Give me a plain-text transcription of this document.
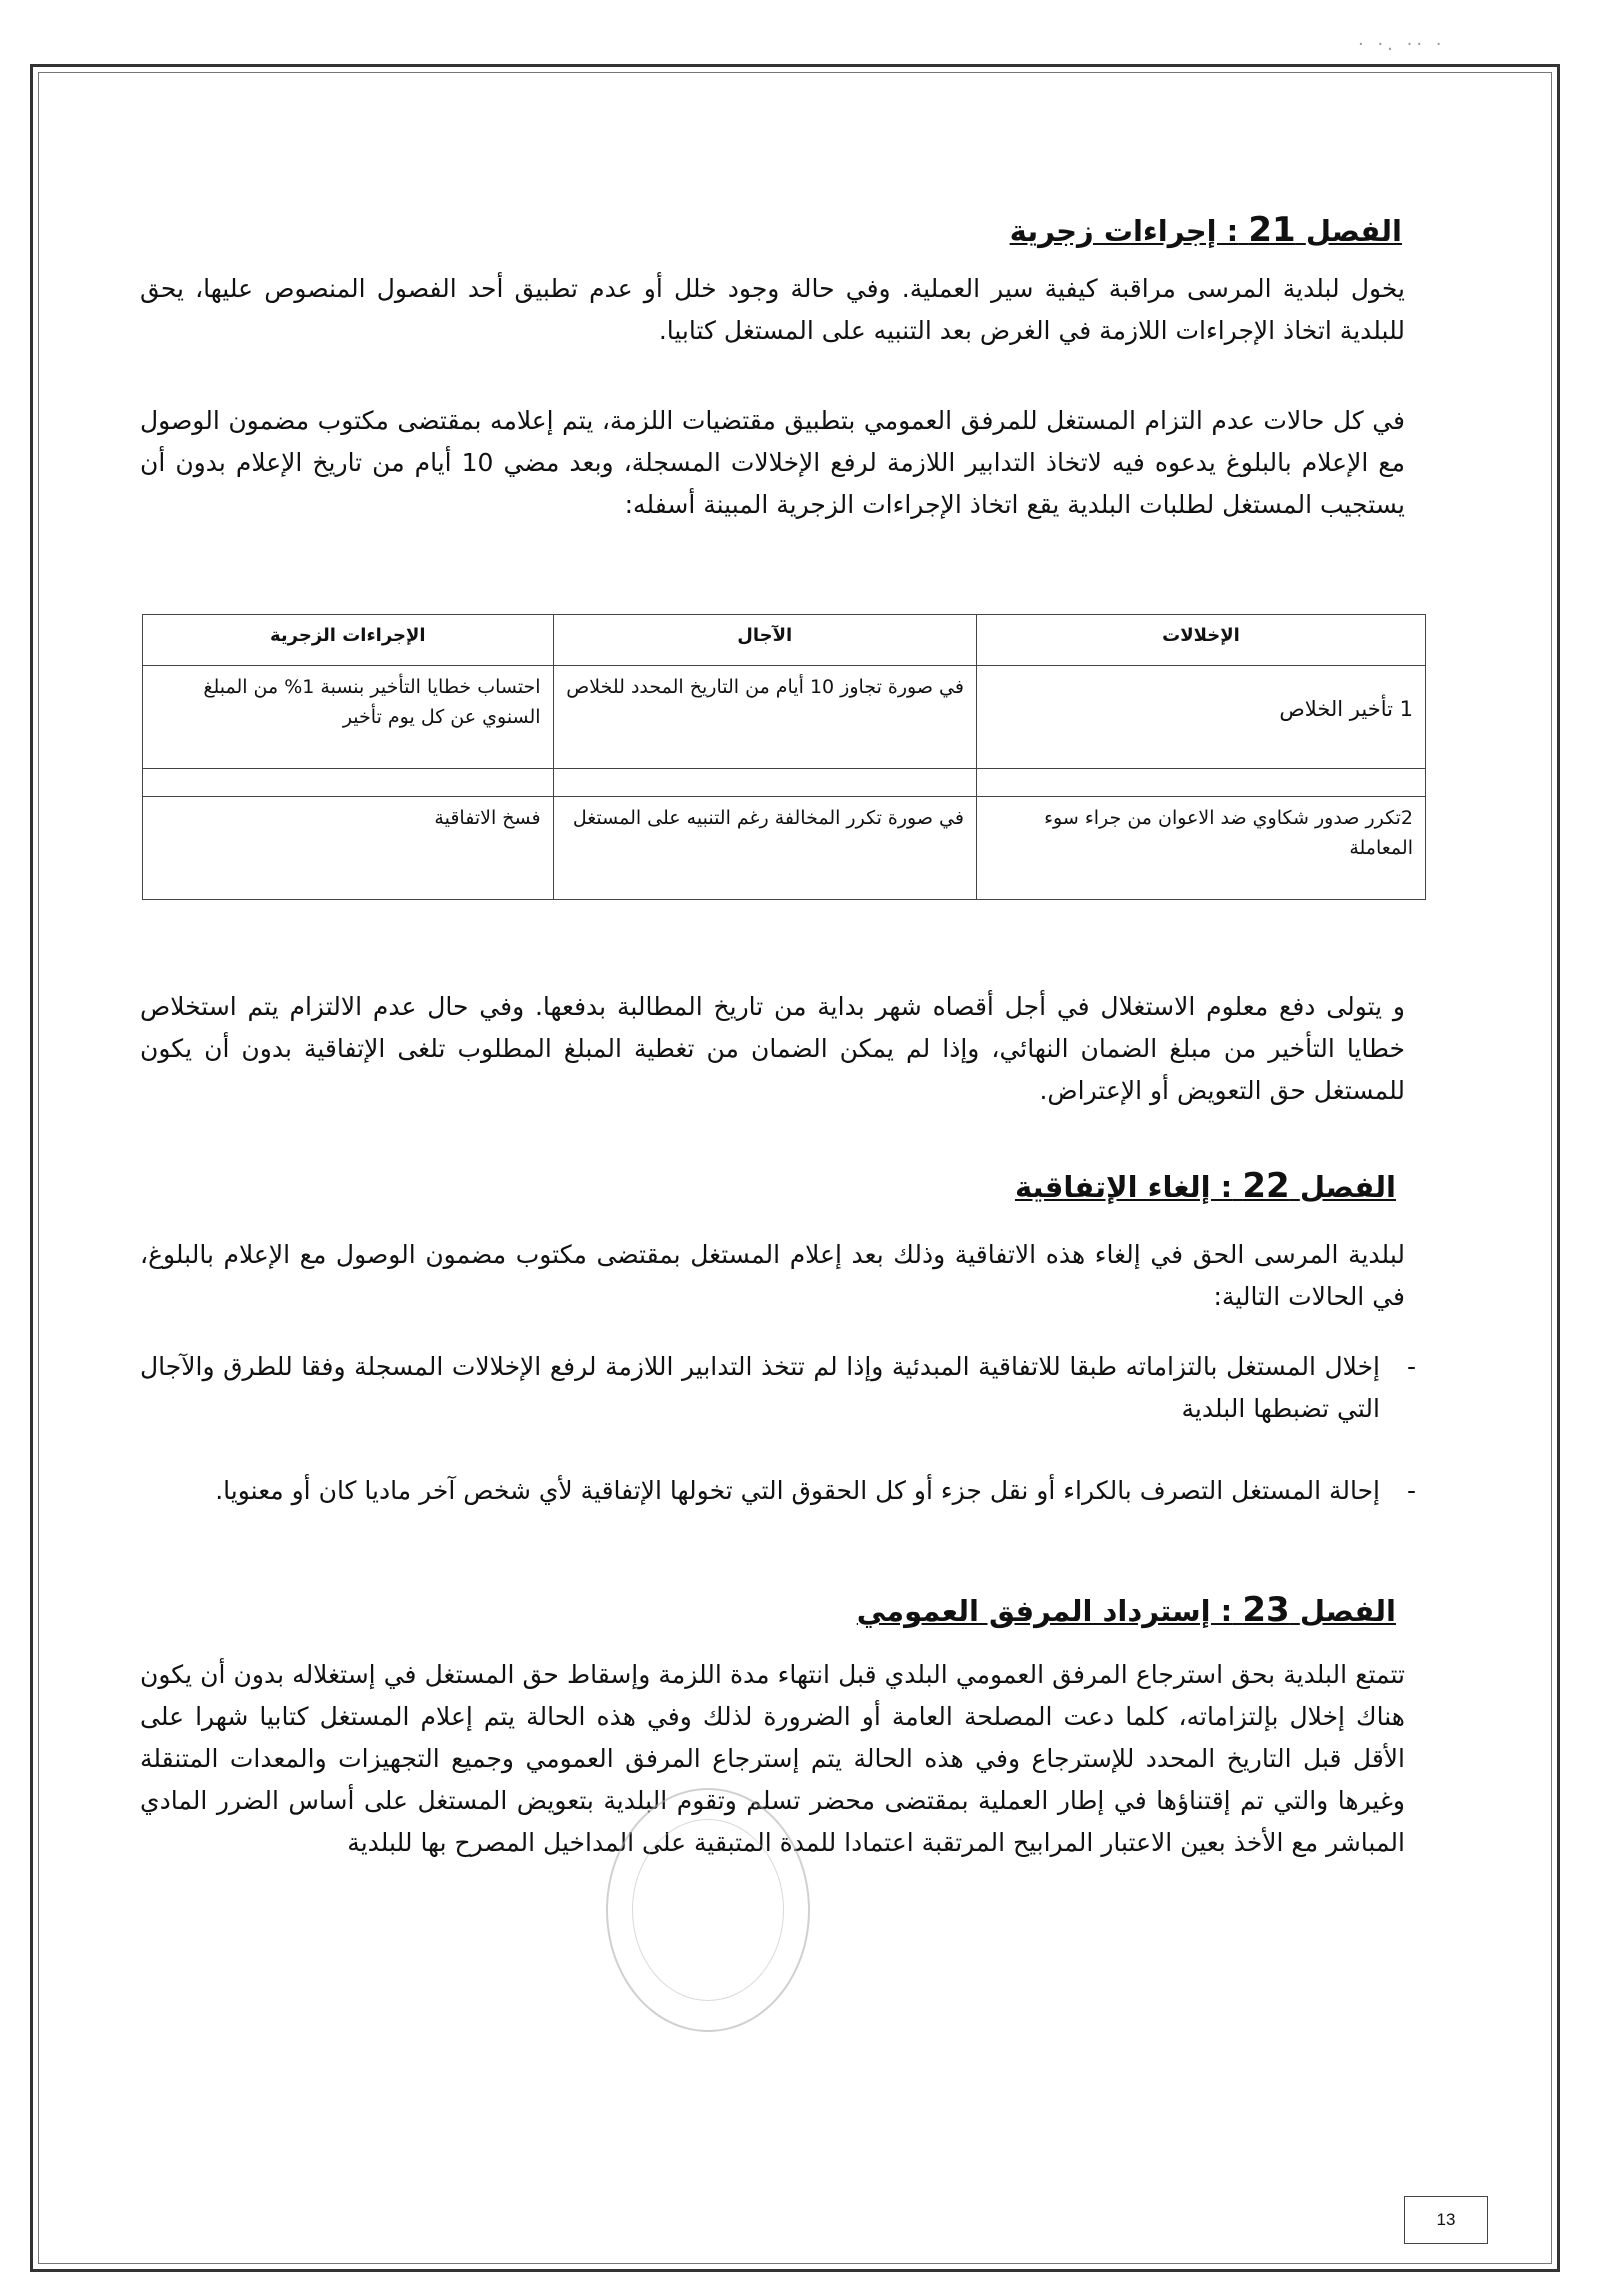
· ·. ·· ·
الفصل 21 : إجراءات زجرية
يخول لبلدية المرسى مراقبة كيفية سير العملية. وفي حالة وجود خلل أو عدم تطبيق أحد الفصول المنصوص عليها، يحق للبلدية اتخاذ الإجراءات اللازمة في الغرض بعد التنبيه على المستغل كتابيا.
في كل حالات عدم التزام المستغل للمرفق العمومي بتطبيق مقتضيات اللزمة، يتم إعلامه بمقتضى مكتوب مضمون الوصول مع الإعلام بالبلوغ يدعوه فيه لاتخاذ التدابير اللازمة لرفع الإخلالات المسجلة، وبعد مضي 10 أيام من تاريخ الإعلام بدون أن يستجيب المستغل لطلبات البلدية يقع اتخاذ الإجراءات الزجرية المبينة أسفله:
الإخلالات	الآجال	الإجراءات الزجرية
1 تأخير الخلاص	في صورة تجاوز 10 أيام من التاريخ المحدد للخلاص	احتساب خطايا التأخير بنسبة 1% من المبلغ السنوي عن كل يوم تأخير

2تكرر صدور شكاوي ضد الاعوان من جراء سوء المعاملة	في صورة تكرر المخالفة رغم التنبيه على المستغل	فسخ الاتفاقية
و يتولى دفع معلوم الاستغلال في أجل أقصاه شهر بداية من تاريخ المطالبة بدفعها. وفي حال عدم الالتزام يتم استخلاص خطايا التأخير من مبلغ الضمان النهائي، وإذا لم يمكن الضمان من تغطية المبلغ المطلوب تلغى الإتفاقية بدون أن يكون للمستغل حق التعويض أو الإعتراض.
الفصل 22 : إلغاء الإتفاقية
لبلدية المرسى الحق في إلغاء هذه الاتفاقية وذلك بعد إعلام المستغل بمقتضى مكتوب مضمون الوصول مع الإعلام بالبلوغ، في الحالات التالية:
-
إخلال المستغل بالتزاماته طبقا للاتفاقية المبدئية وإذا لم تتخذ التدابير اللازمة لرفع الإخلالات المسجلة وفقا للطرق والآجال التي تضبطها البلدية
-
إحالة المستغل التصرف بالكراء أو نقل جزء أو كل الحقوق التي تخولها الإتفاقية لأي شخص آخر ماديا كان أو معنويا.
الفصل 23 : إسترداد المرفق العمومي
تتمتع البلدية بحق استرجاع المرفق العمومي البلدي قبل انتهاء مدة اللزمة وإسقاط حق المستغل في إستغلاله بدون أن يكون هناك إخلال بإلتزاماته، كلما دعت المصلحة العامة أو الضرورة لذلك وفي هذه الحالة يتم إعلام المستغل كتابيا شهرا على الأقل قبل التاريخ المحدد للإسترجاع وفي هذه الحالة يتم إسترجاع المرفق العمومي وجميع التجهيزات والمعدات المتنقلة وغيرها والتي تم إقتناؤها في إطار العملية بمقتضى محضر تسلم وتقوم البلدية بتعويض المستغل على أساس الضرر المادي المباشر مع الأخذ بعين الاعتبار المرابيح المرتقبة اعتمادا للمدة المتبقية على المداخيل المصرح بها للبلدية
13
